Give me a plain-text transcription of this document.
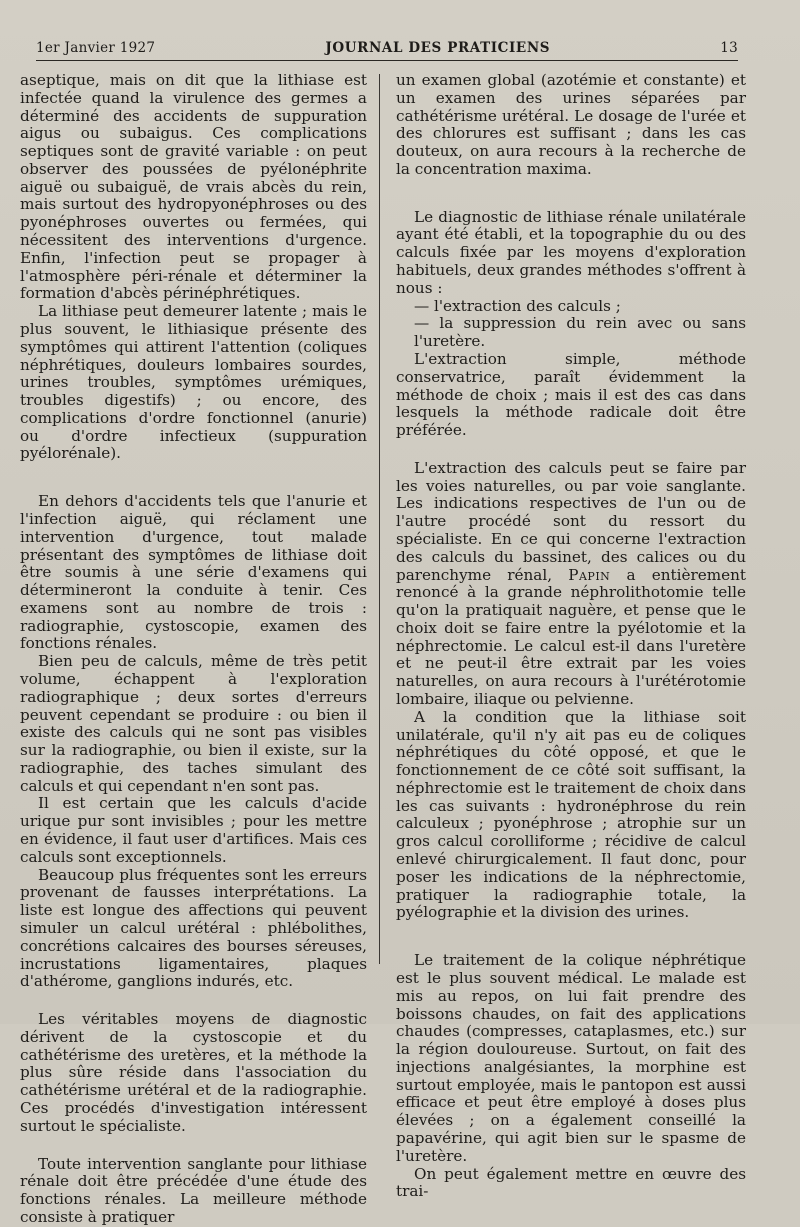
1er Janvier 1927	JOURNAL DES PRATICIENS	13

aseptique, mais on dit que la lithiase est infectée quand la virulence des germes a déterminé des accidents de suppuration aigus ou subaigus. Ces complications septiques sont de gravité variable : on peut observer des poussées de pyélonéphrite aiguë ou subaiguë, de vrais abcès du rein, mais surtout des hydropyonéphroses ou des pyonéphroses ouvertes ou fermées, qui nécessitent des interventions d'urgence. Enfin, l'infection peut se propager à l'atmosphère péri-rénale et déterminer la formation d'abcès périnéphrétiques.

La lithiase peut demeurer latente ; mais le plus souvent, le lithiasique présente des symptômes qui attirent l'attention (coliques néphrétiques, douleurs lombaires sourdes, urines troubles, symptômes urémiques, troubles digestifs) ; ou encore, des complications d'ordre fonctionnel (anurie) ou d'ordre infectieux (suppuration pyélorénale).

En dehors d'accidents tels que l'anurie et l'infection aiguë, qui réclament une intervention d'urgence, tout malade présentant des symptômes de lithiase doit être soumis à une série d'examens qui détermineront la conduite à tenir. Ces examens sont au nombre de trois : radiographie, cystoscopie, examen des fonctions rénales.

Bien peu de calculs, même de très petit volume, échappent à l'exploration radiographique ; deux sortes d'erreurs peuvent cependant se produire : ou bien il existe des calculs qui ne sont pas visibles sur la radiographie, ou bien il existe, sur la radiographie, des taches simulant des calculs et qui cependant n'en sont pas.

Il est certain que les calculs d'acide urique pur sont invisibles ; pour les mettre en évidence, il faut user d'artifices. Mais ces calculs sont exceptionnels.

Beaucoup plus fréquentes sont les erreurs provenant de fausses interprétations. La liste est longue des affections qui peuvent simuler un calcul urétéral : phlébolithes, concrétions calcaires des bourses séreuses, incrustations ligamentaires, plaques d'athérome, ganglions indurés, etc.

Les véritables moyens de diagnostic dérivent de la cystoscopie et du cathétérisme des uretères, et la méthode la plus sûre réside dans l'association du cathétérisme urétéral et de la radiographie. Ces procédés d'investigation intéressent surtout le spécialiste.

Toute intervention sanglante pour lithiase rénale doit être précédée d'une étude des fonctions rénales. La meilleure méthode consiste à pratiquer

un examen global (azotémie et constante) et un examen des urines séparées par cathétérisme urétéral. Le dosage de l'urée et des chlorures est suffisant ; dans les cas douteux, on aura recours à la recherche de la concentration maxima.

Le diagnostic de lithiase rénale unilatérale ayant été établi, et la topographie du ou des calculs fixée par les moyens d'exploration habituels, deux grandes méthodes s'offrent à nous :

— l'extraction des calculs ;

— la suppression du rein avec ou sans l'uretère.

L'extraction simple, méthode conservatrice, paraît évidemment la méthode de choix ; mais il est des cas dans lesquels la méthode radicale doit être préférée.

L'extraction des calculs peut se faire par les voies naturelles, ou par voie sanglante. Les indications respectives de l'un ou de l'autre procédé sont du ressort du spécialiste. En ce qui concerne l'extraction des calculs du bassinet, des calices ou du parenchyme rénal, Papin a entièrement renoncé à la grande néphrolithotomie telle qu'on la pratiquait naguère, et pense que le choix doit se faire entre la pyélotomie et la néphrectomie. Le calcul est-il dans l'uretère et ne peut-il être extrait par les voies naturelles, on aura recours à l'urétérotomie lombaire, iliaque ou pelvienne.

A la condition que la lithiase soit unilatérale, qu'il n'y ait pas eu de coliques néphrétiques du côté opposé, et que le fonctionnement de ce côté soit suffisant, la néphrectomie est le traitement de choix dans les cas suivants : hydronéphrose du rein calculeux ; pyonéphrose ; atrophie sur un gros calcul corolliforme ; récidive de calcul enlevé chirurgicalement. Il faut donc, pour poser les indications de la néphrectomie, pratiquer la radiographie totale, la pyélographie et la division des urines.

Le traitement de la colique néphrétique est le plus souvent médical. Le malade est mis au repos, on lui fait prendre des boissons chaudes, on fait des applications chaudes (compresses, cataplasmes, etc.) sur la région douloureuse. Surtout, on fait des injections analgésiantes, la morphine est surtout employée, mais le pantopon est aussi efficace et peut être employé à doses plus élevées ; on a également conseillé la papavérine, qui agit bien sur le spasme de l'uretère.

On peut également mettre en œuvre des trai-
